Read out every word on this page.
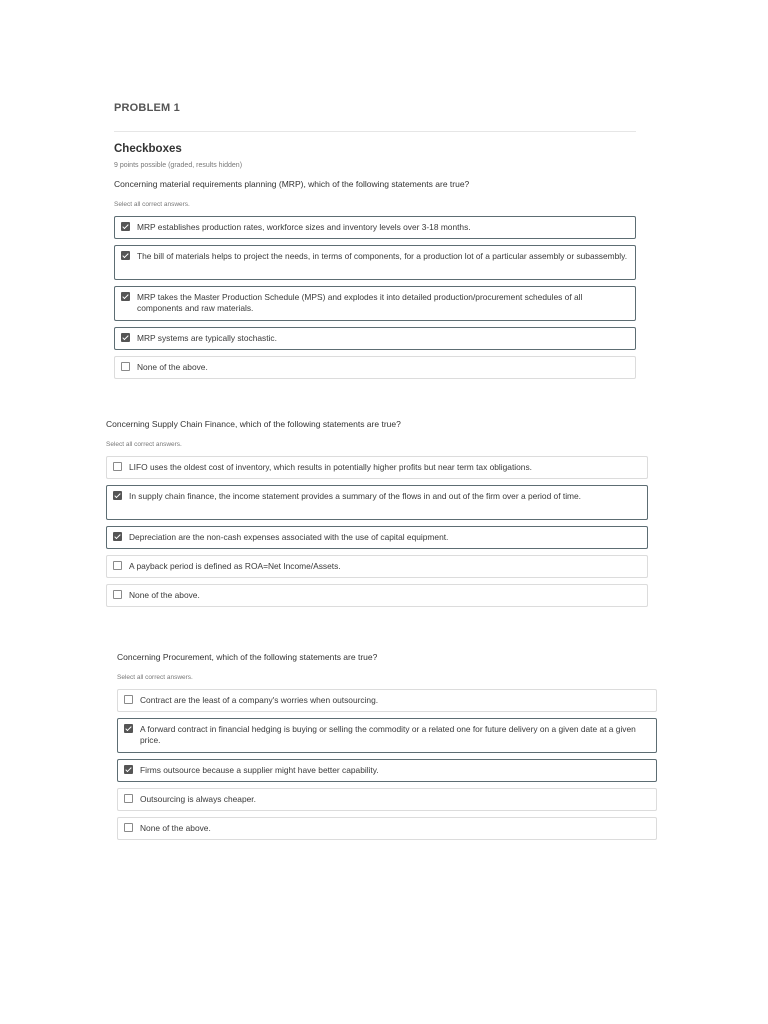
PROBLEM 1
Checkboxes
9 points possible (graded, results hidden)
Concerning material requirements planning (MRP), which of the following statements are true?
Select all correct answers.
MRP establishes production rates, workforce sizes and inventory levels over 3-18 months.
The bill of materials helps to project the needs, in terms of components, for a production lot of a particular assembly or subassembly.
MRP takes the Master Production Schedule (MPS) and explodes it into detailed production/procurement schedules of all components and raw materials.
MRP systems are typically stochastic.
None of the above.
Concerning Supply Chain Finance, which of the following statements are true?
Select all correct answers.
LIFO uses the oldest cost of inventory, which results in potentially higher profits but near term tax obligations.
In supply chain finance, the income statement provides a summary of the flows in and out of the firm over a period of time.
Depreciation are the non-cash expenses associated with the use of capital equipment.
A payback period is defined as ROA=Net Income/Assets.
None of the above.
Concerning Procurement, which of the following statements are true?
Select all correct answers.
Contract are the least of a company's worries when outsourcing.
A forward contract in financial hedging is buying or selling the commodity or a related one for future delivery on a given date at a given price.
Firms outsource because a supplier might have better capability.
Outsourcing is always cheaper.
None of the above.
